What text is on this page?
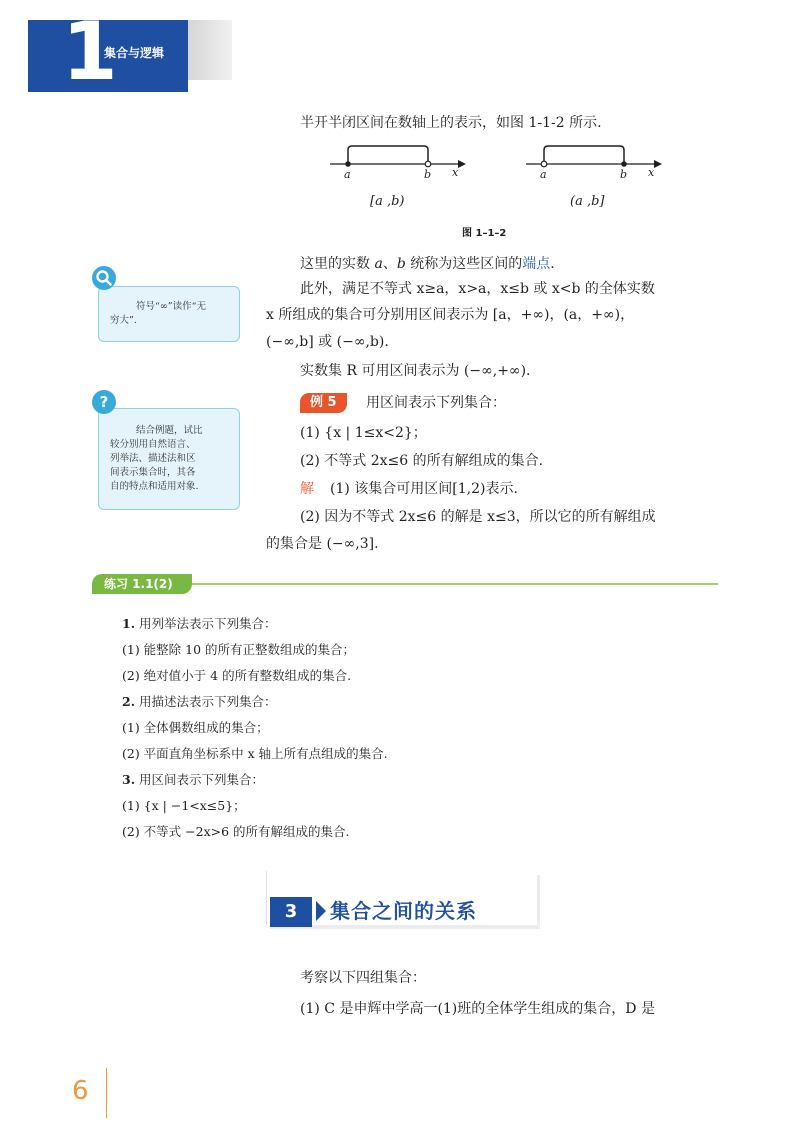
1
集合与逻辑
半开半闭区间在数轴上的表示，如图 1-1-2 所示.
a	b x	a	b x
[a ,b)	(a ,b]
图 1–1–2
这里的实数 a、b 统称为这些区间的端点.
此外，满足不等式 x≥a，x>a，x≤b 或 x<b 的全体实数
x 所组成的集合可分别用区间表示为 [a，+∞)，(a，+∞)，
(−∞,b] 或 (−∞,b).
实数集 R 可用区间表示为 (−∞,+∞).
例 5	用区间表示下列集合：
(1) {x | 1≤x<2}；
(2) 不等式 2x≤6 的所有解组成的集合.
解 (1) 该集合可用区间[1,2)表示.
(2) 因为不等式 2x≤6 的解是 x≤3，所以它的所有解组成
的集合是 (−∞,3].
符号“∞”读作“无
穷大”.
?
结合例题，试比
较分别用自然语言、
列举法、描述法和区
间表示集合时，其各
自的特点和适用对象.
练习 1.1(2)
1. 用列举法表示下列集合：
(1) 能整除 10 的所有正整数组成的集合；
(2) 绝对值小于 4 的所有整数组成的集合.
2. 用描述法表示下列集合：
(1) 全体偶数组成的集合；
(2) 平面直角坐标系中 x 轴上所有点组成的集合.
3. 用区间表示下列集合：
(1) {x | −1<x≤5}；
(2) 不等式 −2x>6 的所有解组成的集合.
3	集合之间的关系
考察以下四组集合：
(1) C 是申辉中学高一(1)班的全体学生组成的集合，D 是
6
